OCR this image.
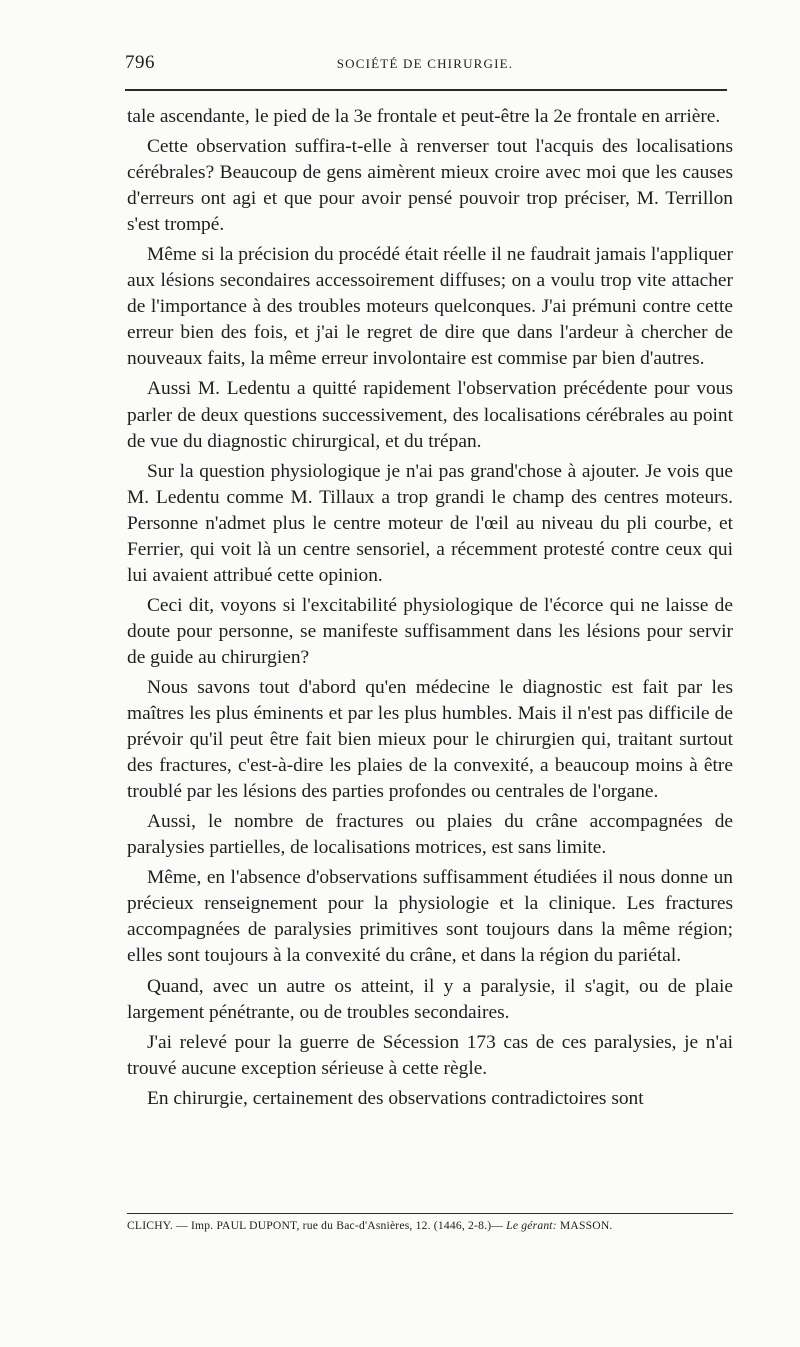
796	SOCIÉTÉ DE CHIRURGIE.

tale ascendante, le pied de la 3e frontale et peut-être la 2e frontale en arrière.

Cette observation suffira-t-elle à renverser tout l'acquis des localisations cérébrales? Beaucoup de gens aimèrent mieux croire avec moi que les causes d'erreurs ont agi et que pour avoir pensé pouvoir trop préciser, M. Terrillon s'est trompé.

Même si la précision du procédé était réelle il ne faudrait jamais l'appliquer aux lésions secondaires accessoirement diffuses; on a voulu trop vite attacher de l'importance à des troubles moteurs quelconques. J'ai prémuni contre cette erreur bien des fois, et j'ai le regret de dire que dans l'ardeur à chercher de nouveaux faits, la même erreur involontaire est commise par bien d'autres.

Aussi M. Ledentu a quitté rapidement l'observation précédente pour vous parler de deux questions successivement, des localisations cérébrales au point de vue du diagnostic chirurgical, et du trépan.

Sur la question physiologique je n'ai pas grand'chose à ajouter. Je vois que M. Ledentu comme M. Tillaux a trop grandi le champ des centres moteurs. Personne n'admet plus le centre moteur de l'œil au niveau du pli courbe, et Ferrier, qui voit là un centre sensoriel, a récemment protesté contre ceux qui lui avaient attribué cette opinion.

Ceci dit, voyons si l'excitabilité physiologique de l'écorce qui ne laisse de doute pour personne, se manifeste suffisamment dans les lésions pour servir de guide au chirurgien?

Nous savons tout d'abord qu'en médecine le diagnostic est fait par les maîtres les plus éminents et par les plus humbles. Mais il n'est pas difficile de prévoir qu'il peut être fait bien mieux pour le chirurgien qui, traitant surtout des fractures, c'est-à-dire les plaies de la convexité, a beaucoup moins à être troublé par les lésions des parties profondes ou centrales de l'organe.

Aussi, le nombre de fractures ou plaies du crâne accompagnées de paralysies partielles, de localisations motrices, est sans limite.

Même, en l'absence d'observations suffisamment étudiées il nous donne un précieux renseignement pour la physiologie et la clinique. Les fractures accompagnées de paralysies primitives sont toujours dans la même région; elles sont toujours à la convexité du crâne, et dans la région du pariétal.

Quand, avec un autre os atteint, il y a paralysie, il s'agit, ou de plaie largement pénétrante, ou de troubles secondaires.

J'ai relevé pour la guerre de Sécession 173 cas de ces paralysies, je n'ai trouvé aucune exception sérieuse à cette règle.

En chirurgie, certainement des observations contradictoires sont

CLICHY. — Imp. PAUL DUPONT, rue du Bac-d'Asnières, 12. (1446, 2-8.)— Le gérant: MASSON.
